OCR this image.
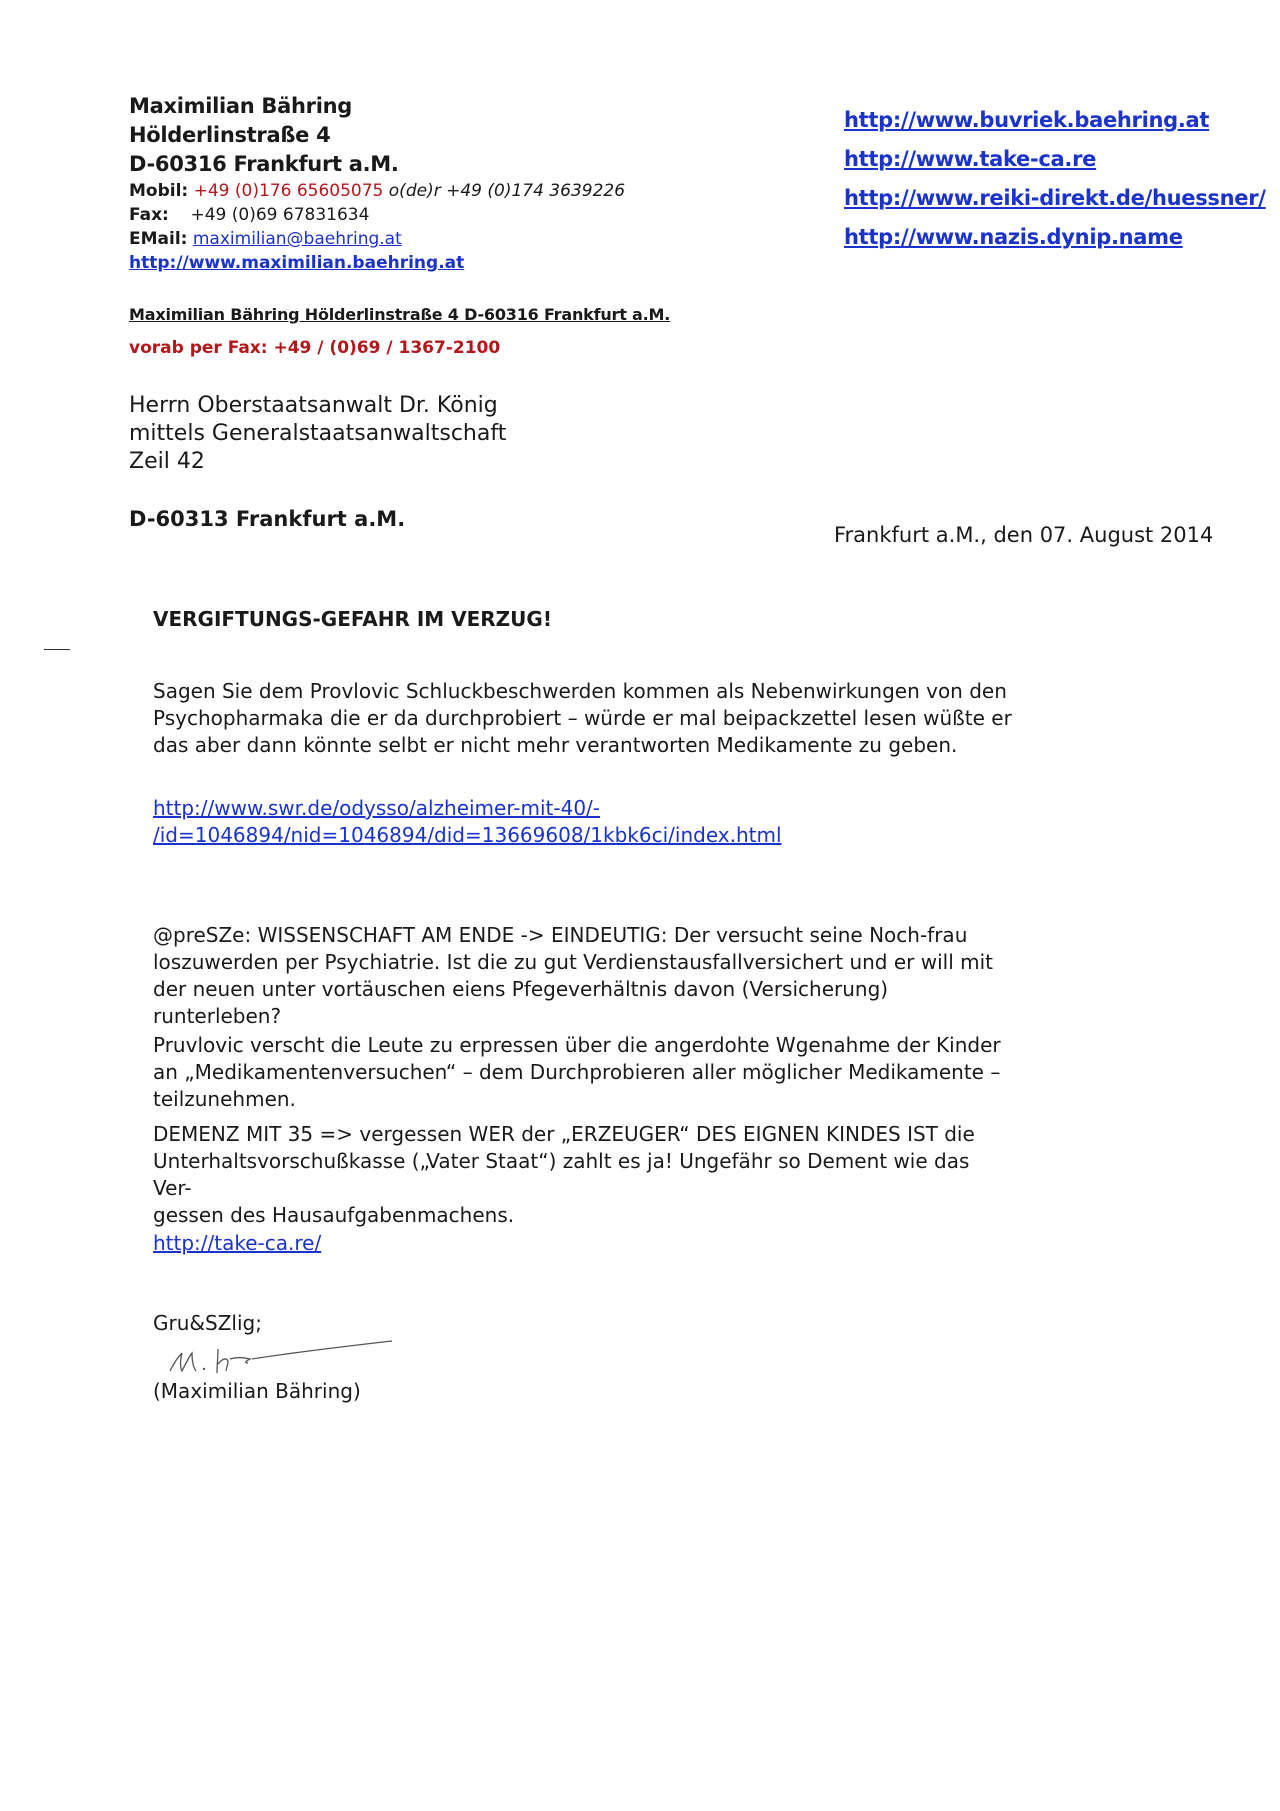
Maximilian Bähring
Hölderlinstraße 4
D-60316 Frankfurt a.M.
Mobil: +49 (0)176 65605075 o(de)r +49 (0)174 3639226
Fax: +49 (0)69 67831634
EMail: maximilian@baehring.at
http://www.maximilian.baehring.at
http://www.buvriek.baehring.at
http://www.take-ca.re
http://www.reiki-direkt.de/huessner/
http://www.nazis.dynip.name
Maximilian Bähring Hölderlinstraße 4 D-60316 Frankfurt a.M.
vorab per Fax: +49 / (0)69 / 1367-2100
Herrn Oberstaatsanwalt Dr. König
mittels Generalstaatsanwaltschaft
Zeil 42
D-60313 Frankfurt a.M.
Frankfurt a.M., den 07. August 2014
VERGIFTUNGS-GEFAHR IM VERZUG!

Sagen Sie dem Provlovic Schluckbeschwerden kommen als Nebenwirkungen von den Psychopharmaka die er da durchprobiert – würde er mal beipackzettel lesen wüßte er das aber dann könnte selbt er nicht mehr verantworten Medikamente zu geben.

http://www.swr.de/odysso/alzheimer-mit-40/-
/id=1046894/nid=1046894/did=13669608/1kbk6ci/index.html

@preSZe: WISSENSCHAFT AM ENDE -> EINDEUTIG: Der versucht seine Noch-frau loszuwerden per Psychiatrie. Ist die zu gut Verdienstausfallversichert und er will mit der neuen unter vortäuschen eiens Pfegeverhältnis davon (Versicherung) runterleben?

Pruvlovic verscht die Leute zu erpressen über die angerdohte Wgenahme der Kinder an „Medikamentenversuchen“ – dem Durchprobieren aller möglicher Medikamente – teilzunehmen.

DEMENZ MIT 35 => vergessen WER der „ERZEUGER“ DES EIGNEN KINDES IST die
Unterhaltsvorschußkasse („Vater Staat“) zahlt es ja! Ungefähr so Dement wie das Ver-
gessen des Hausaufgabenmachens.
http://take-ca.re/
Gru&SZlig;
(Maximilian Bähring)
